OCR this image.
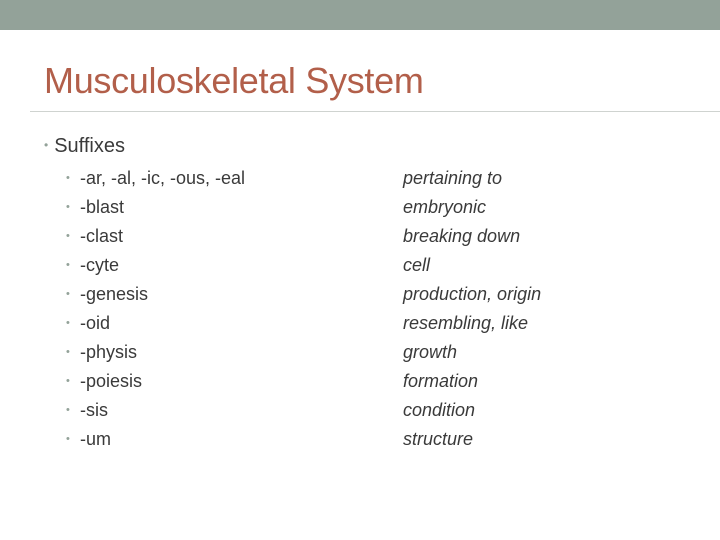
Musculoskeletal System
• Suffixes
• -ar, -al, -ic, -ous, -eal	pertaining to
• -blast	embryonic
• -clast	breaking down
• -cyte	cell
• -genesis	production, origin
• -oid	resembling, like
• -physis	growth
• -poiesis	formation
• -sis	condition
• -um	structure
